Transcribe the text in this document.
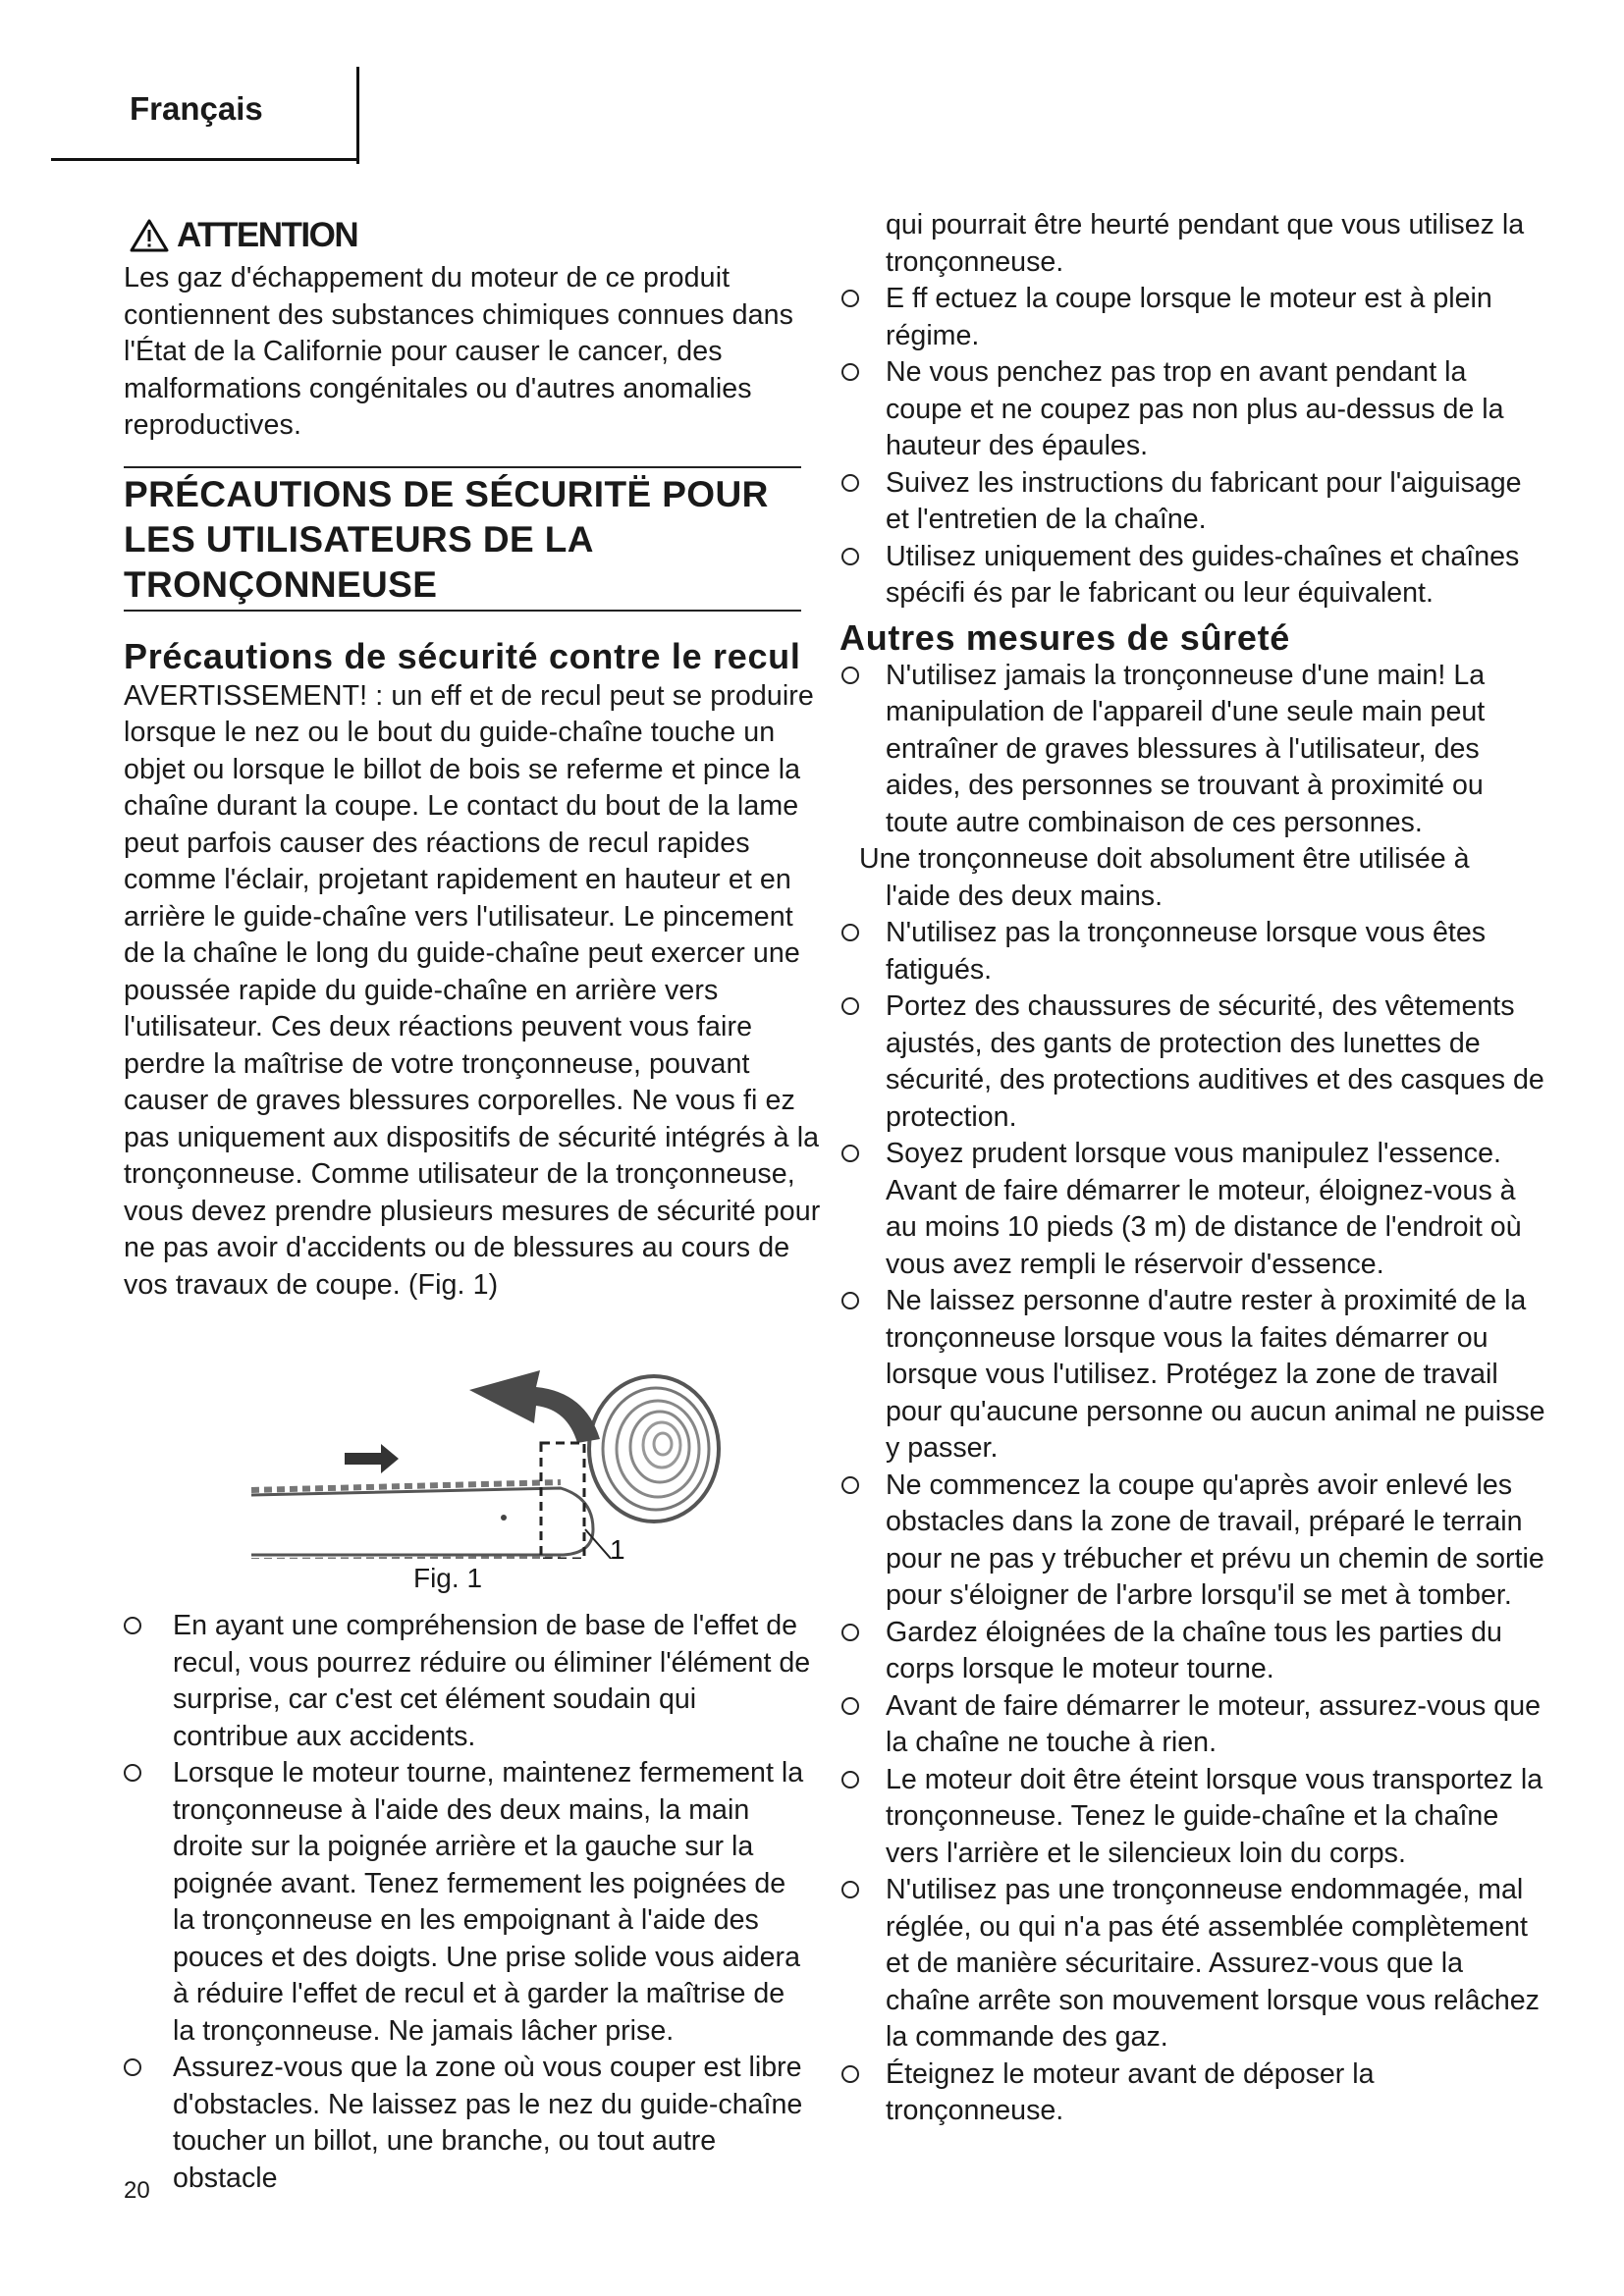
Français
ATTENTION

Les gaz d'échappement du moteur de ce produit contiennent des substances chimiques connues dans l'État de la Californie pour causer le cancer, des malformations congénitales ou d'autres anomalies reproductives.

PRÉCAUTIONS DE SÉCURITË POUR LES UTILISATEURS DE LA TRONÇONNEUSE
Précautions de sécurité contre le recul

AVERTISSEMENT! : un eff et de recul peut se produire lorsque le nez ou le bout du guide-chaîne touche un objet ou lorsque le billot de bois se referme et pince la chaîne durant la coupe. Le contact du bout de la lame peut parfois causer des réactions de recul rapides comme l'éclair, projetant rapidement en hauteur et en arrière le guide-chaîne vers l'utilisateur. Le pincement de la chaîne le long du guide-chaîne peut exercer une poussée rapide du guide-chaîne en arrière vers l'utilisateur. Ces deux réactions peuvent vous faire perdre la maîtrise de votre tronçonneuse, pouvant causer de graves blessures corporelles. Ne vous fi ez pas uniquement aux dispositifs de sécurité intégrés à la tronçonneuse. Comme utilisateur de la tronçonneuse, vous devez prendre plusieurs mesures de sécurité pour ne pas avoir d'accidents ou de blessures au cours de vos travaux de coupe. (Fig. 1)

1
Fig. 1
En ayant une compréhension de base de l'effet de recul, vous pourrez réduire ou éliminer l'élément de surprise, car c'est cet élément soudain qui contribue aux accidents.
Lorsque le moteur tourne, maintenez fermement la tronçonneuse à l'aide des deux mains, la main droite sur la poignée arrière et la gauche sur la poignée avant. Tenez fermement les poignées de la tronçonneuse en les empoignant à l'aide des pouces et des doigts. Une prise solide vous aidera à réduire l'effet de recul et à garder la maîtrise de la tronçonneuse. Ne jamais lâcher prise.
Assurez-vous que la zone où vous couper est libre d'obstacles. Ne laissez pas le nez du guide-chaîne toucher un billot, une branche, ou tout autre obstacle

qui pourrait être heurté pendant que vous utilisez la tronçonneuse.

E ff ectuez la coupe lorsque le moteur est à plein régime.
Ne vous penchez pas trop en avant pendant la coupe et ne coupez pas non plus au-dessus de la hauteur des épaules.
Suivez les instructions du fabricant pour l'aiguisage et l'entretien de la chaîne.
Utilisez uniquement des guides-chaînes et chaînes spécifi és par le fabricant ou leur équivalent.
Autres mesures de sûreté
N'utilisez jamais la tronçonneuse d'une main! La manipulation de l'appareil d'une seule main peut entraîner de graves blessures à l'utilisateur, des aides, des personnes se trouvant à proximité ou toute autre combinaison de ces personnes.

Une tronçonneuse doit absolument être utilisée à

l'aide des deux mains.

N'utilisez pas la tronçonneuse lorsque vous êtes fatigués.
Portez des chaussures de sécurité, des vêtements ajustés, des gants de protection des lunettes de sécurité, des protections auditives et des casques de protection.
Soyez prudent lorsque vous manipulez l'essence. Avant de faire démarrer le moteur, éloignez-vous à au moins 10 pieds (3 m) de distance de l'endroit où vous avez rempli le réservoir d'essence.
Ne laissez personne d'autre rester à proximité de la tronçonneuse lorsque vous la faites démarrer ou lorsque vous l'utilisez. Protégez la zone de travail pour qu'aucune personne ou aucun animal ne puisse y passer.
Ne commencez la coupe qu'après avoir enlevé les obstacles dans la zone de travail, préparé le terrain pour ne pas y trébucher et prévu un chemin de sortie pour s'éloigner de l'arbre lorsqu'il se met à tomber.
Gardez éloignées de la chaîne tous les parties du corps lorsque le moteur tourne.
Avant de faire démarrer le moteur, assurez-vous que la chaîne ne touche à rien.
Le moteur doit être éteint lorsque vous transportez la tronçonneuse. Tenez le guide-chaîne et la chaîne vers l'arrière et le silencieux loin du corps.
N'utilisez pas une tronçonneuse endommagée, mal réglée, ou qui n'a pas été assemblée complètement et de manière sécuritaire. Assurez-vous que la chaîne arrête son mouvement lorsque vous relâchez la commande des gaz.
Éteignez le moteur avant de déposer la tronçonneuse.
20
